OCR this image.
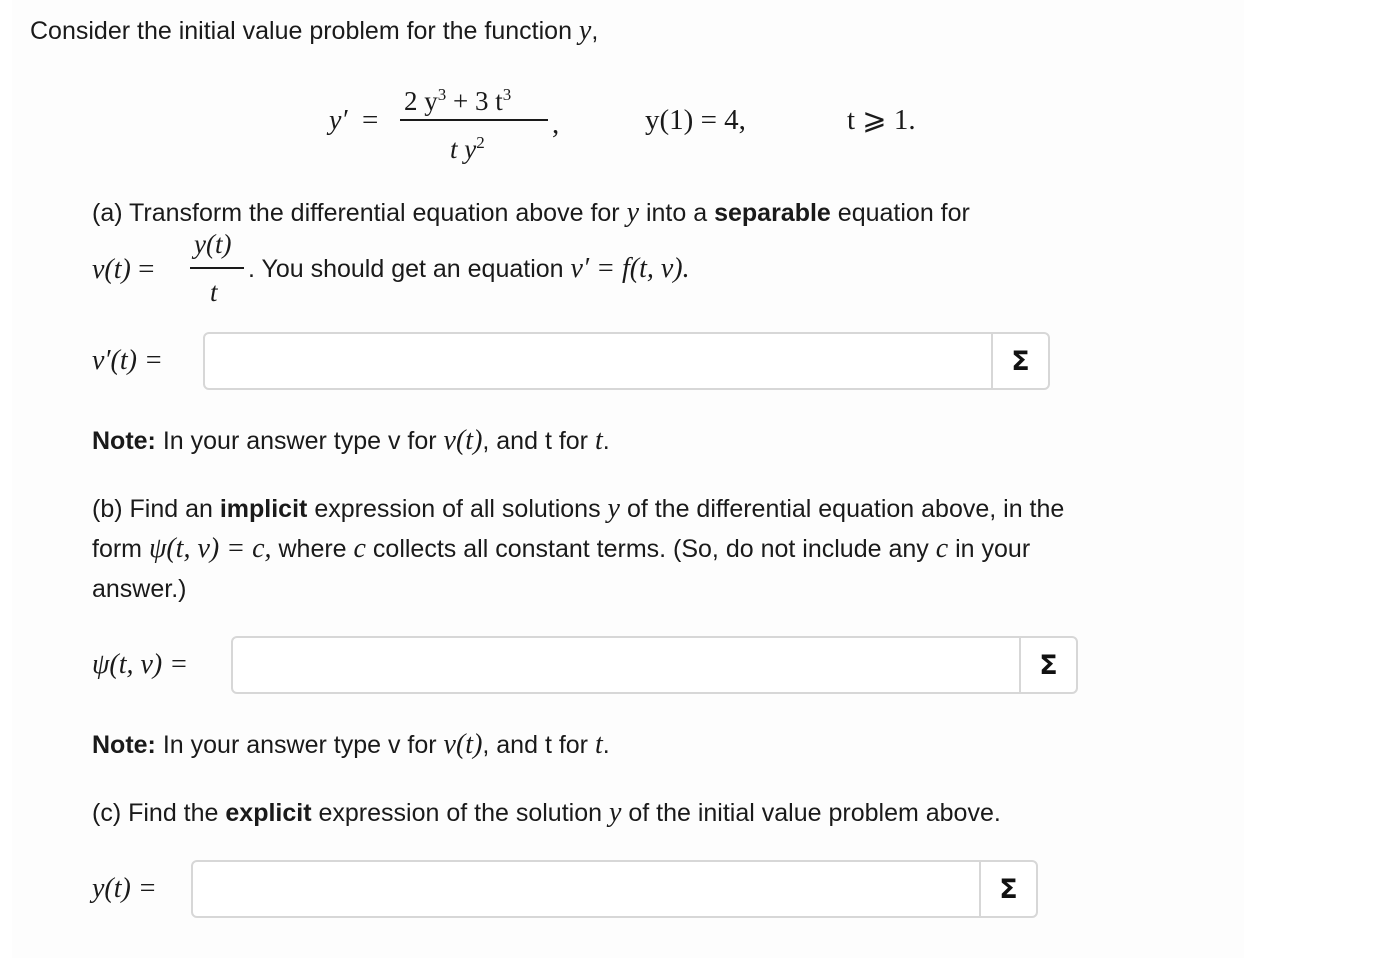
Consider the initial value problem for the function y,
y′ =
2 $y^3 + 3$ $t^3$
t $y^2$
,	y(1) = 4,	t ⩾ 1.
(a) Transform the differential equation above for y into a separable equation for
v(t) =
y(t)
t
. You should get an equation v′ = f(t, v).
v′(t) =	Σ
Note: In your answer type v for v(t), and t for t.
(b) Find an implicit expression of all solutions y of the differential equation above, in the
form ψ(t, v) = c, where c collects all constant terms. (So, do not include any c in your
answer.)
ψ(t, v) =	Σ
Note: In your answer type v for v(t), and t for t.
(c) Find the explicit expression of the solution y of the initial value problem above.
y(t) =	Σ
